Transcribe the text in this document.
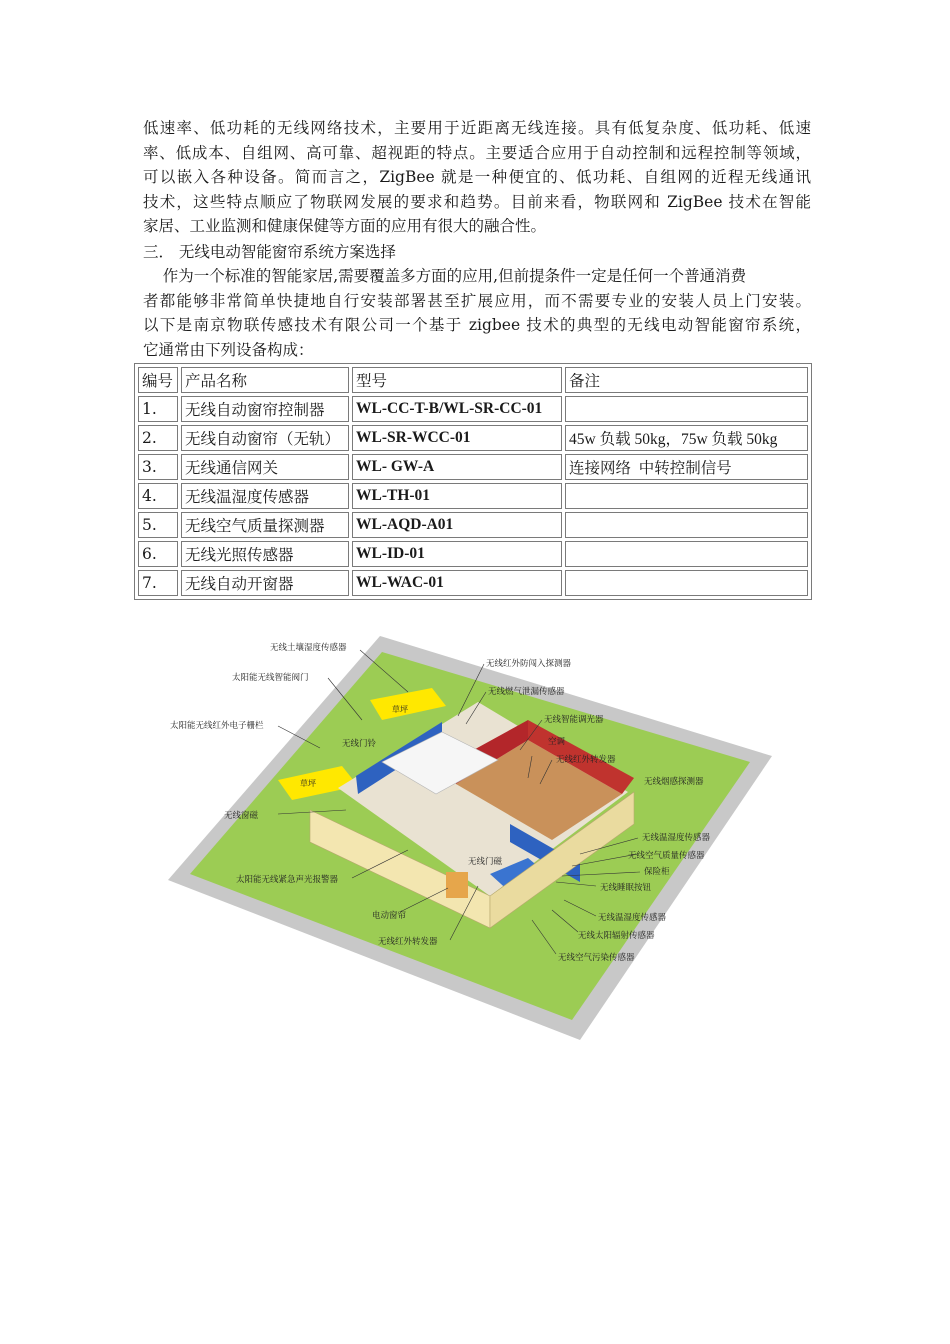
低速率、低功耗的无线网络技术，主要用于近距离无线连接。具有低复杂度、低功耗、低速
率、低成本、自组网、高可靠、超视距的特点。主要适合应用于自动控制和远程控制等领域，
可以嵌入各种设备。简而言之，ZigBee 就是一种便宜的、低功耗、自组网的近程无线通讯
技术，这些特点顺应了物联网发展的要求和趋势。目前来看，物联网和 ZigBee 技术在智能
家居、工业监测和健康保健等方面的应用有很大的融合性。
三． 无线电动智能窗帘系统方案选择
作为一个标准的智能家居,需要覆盖多方面的应用,但前提条件一定是任何一个普通消费
者都能够非常简单快捷地自行安装部署甚至扩展应用，而不需要专业的安装人员上门安装。
以下是南京物联传感技术有限公司一个基于 zigbee 技术的典型的无线电动智能窗帘系统，
它通常由下列设备构成：
编号	产品名称	型号	备注
1.	无线自动窗帘控制器	WL-CC-T-B/WL-SR-CC-01	
2.	无线自动窗帘（无轨）	WL-SR-WCC-01	45w 负载 50kg，75w 负载 50kg
3.	无线通信网关	WL- GW-A	连接网络  中转控制信号
4.	无线温湿度传感器	WL-TH-01	
5.	无线空气质量探测器	WL-AQD-A01	
6.	无线光照传感器	WL-ID-01	
7.	无线自动开窗器	WL-WAC-01	
无线土壤湿度传感器
无线红外防闯入探测器
太阳能无线智能阀门
无线燃气泄漏传感器
草坪
太阳能无线红外电子栅栏
无线智能调光器
无线门铃	空调
无线红外转发器
草坪	无线烟感探测器
无线窗磁
无线温湿度传感器
无线空气质量传感器
保险柜
无线门磁
无线睡眠按钮
太阳能无线紧急声光报警器
无线温湿度传感器
电动窗帘
无线太阳辐射传感器
无线红外转发器
无线空气污染传感器
